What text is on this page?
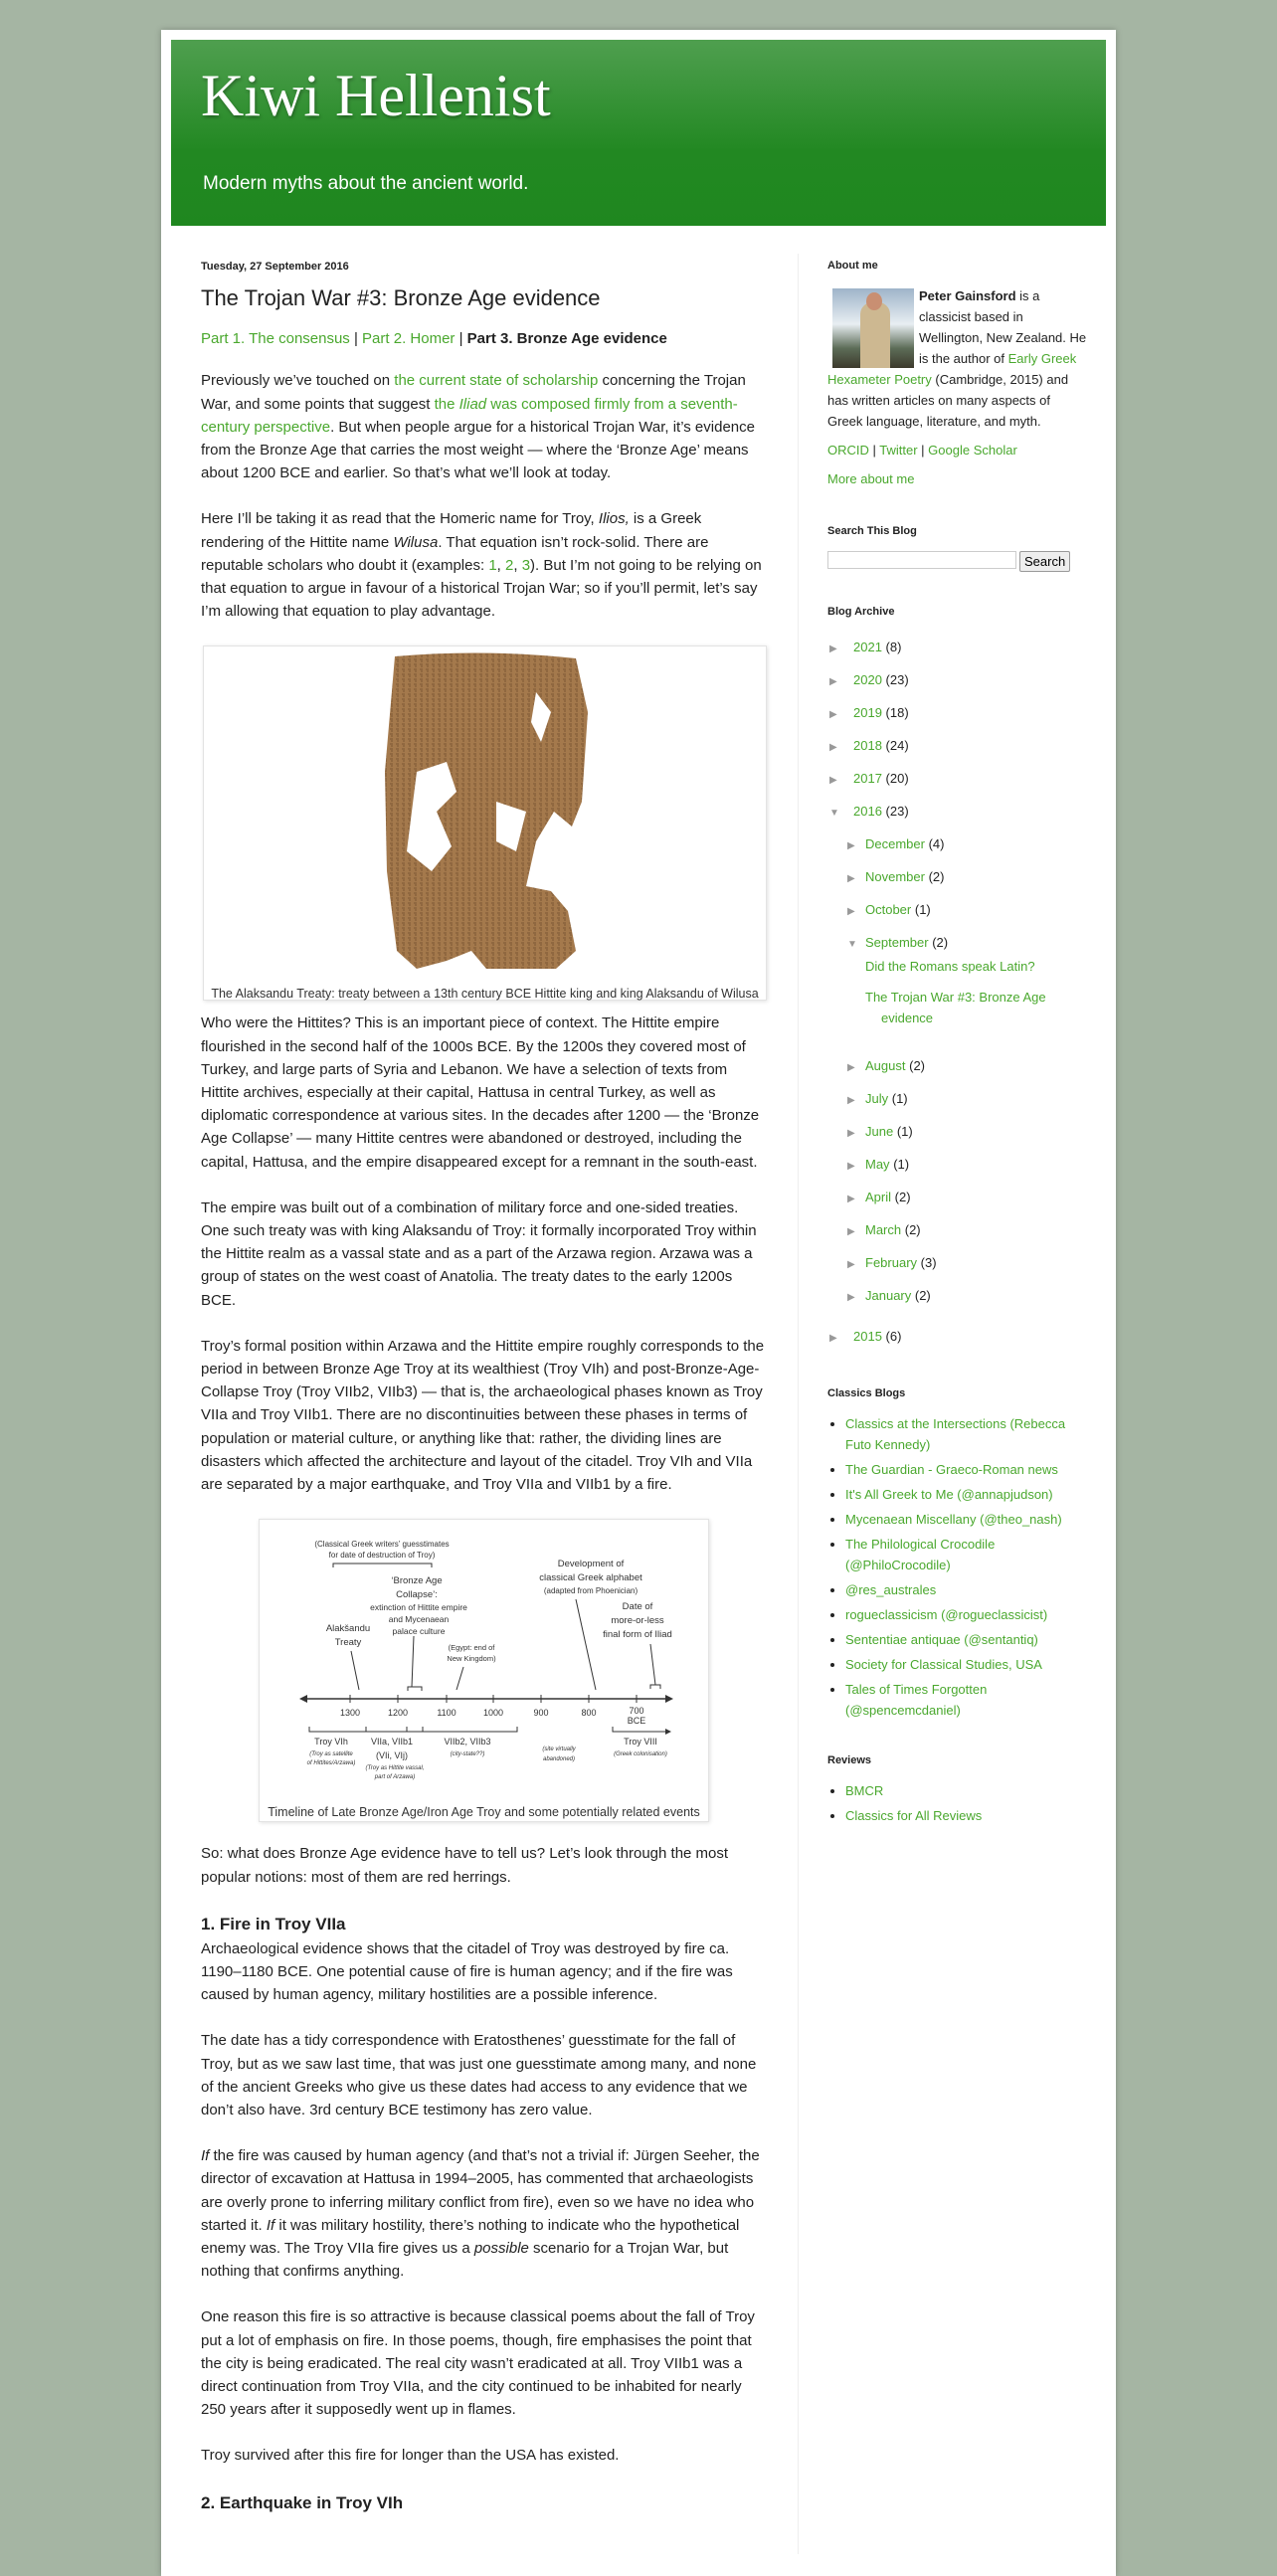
Kiwi Hellenist
Modern myths about the ancient world.
Tuesday, 27 September 2016
The Trojan War #3: Bronze Age evidence
Part 1. The consensus | Part 2. Homer | Part 3. Bronze Age evidence

Previously we’ve touched on the current state of scholarship concerning the Trojan War, and some points that suggest the Iliad was composed firmly from a seventh-century perspective. But when people argue for a historical Trojan War, it’s evidence from the Bronze Age that carries the most weight — where the ‘Bronze Age’ means about 1200 BCE and earlier. So that’s what we’ll look at today.

Here I’ll be taking it as read that the Homeric name for Troy, Ilios, is a Greek rendering of the Hittite name Wilusa. That equation isn’t rock-solid. There are reputable scholars who doubt it (examples: 1, 2, 3). But I’m not going to be relying on that equation to argue in favour of a historical Trojan War; so if you’ll permit, let’s say I’m allowing that equation to play advantage.

The Alaksandu Treaty: treaty between a 13th century BCE Hittite king and king Alaksandu of Wilusa

Who were the Hittites? This is an important piece of context. The Hittite empire flourished in the second half of the 1000s BCE. By the 1200s they covered most of Turkey, and large parts of Syria and Lebanon. We have a selection of texts from Hittite archives, especially at their capital, Hattusa in central Turkey, as well as diplomatic correspondence at various sites. In the decades after 1200 — the ‘Bronze Age Collapse’ — many Hittite centres were abandoned or destroyed, including the capital, Hattusa, and the empire disappeared except for a remnant in the south-east.

The empire was built out of a combination of military force and one-sided treaties. One such treaty was with king Alaksandu of Troy: it formally incorporated Troy within the Hittite realm as a vassal state and as a part of the Arzawa region. Arzawa was a group of states on the west coast of Anatolia. The treaty dates to the early 1200s BCE.

Troy’s formal position within Arzawa and the Hittite empire roughly corresponds to the period in between Bronze Age Troy at its wealthiest (Troy VIh) and post-Bronze-Age-Collapse Troy (Troy VIIb2, VIIb3) — that is, the archaeological phases known as Troy VIIa and Troy VIIb1. There are no discontinuities between these phases in terms of population or material culture, or anything like that: rather, the dividing lines are disasters which affected the architecture and layout of the citadel. Troy VIh and VIIa are separated by a major earthquake, and Troy VIIa and VIIb1 by a fire.

(Classical Greek writers’ guesstimates
for date of destruction of Troy)
‘Bronze Age
Collapse’:
extinction of Hittite empire
and Mycenaean
palace culture
Alakšandu
Treaty	(Egypt: end of
New Kingdom)
Development of
classical Greek alphabet
(adapted from Phoenician)
Date of
more-or-less
final form of Iliad
1300	1200	1100	1000	900	800	700
BCE
Troy VIh
(Troy as satellite
of Hittites/Arzawa)
VIIa, VIIb1
(VIi, VIj)
(Troy as Hittite vassal,
part of Arzawa)
VIIb2, VIIb3
(city-state??)
(site virtually
abandoned)
Troy VIII
(Greek colonisation)
Timeline of Late Bronze Age/Iron Age Troy and some potentially related events

So: what does Bronze Age evidence have to tell us? Let’s look through the most popular notions: most of them are red herrings.

1. Fire in Troy VIIa

Archaeological evidence shows that the citadel of Troy was destroyed by fire ca. 1190–1180 BCE. One potential cause of fire is human agency; and if the fire was caused by human agency, military hostilities are a possible inference.

The date has a tidy correspondence with Eratosthenes’ guesstimate for the fall of Troy, but as we saw last time, that was just one guesstimate among many, and none of the ancient Greeks who give us these dates had access to any evidence that we don’t also have. 3rd century BCE testimony has zero value.

If the fire was caused by human agency (and that’s not a trivial if: Jürgen Seeher, the director of excavation at Hattusa in 1994–2005, has commented that archaeologists are overly prone to inferring military conflict from fire), even so we have no idea who started it. If it was military hostility, there’s nothing to indicate who the hypothetical enemy was. The Troy VIIa fire gives us a possible scenario for a Trojan War, but nothing that confirms anything.

One reason this fire is so attractive is because classical poems about the fall of Troy put a lot of emphasis on fire. In those poems, though, fire emphasises the point that the city is being eradicated. The real city wasn’t eradicated at all. Troy VIIb1 was a direct continuation from Troy VIIa, and the city continued to be inhabited for nearly 250 years after it supposedly went up in flames.

Troy survived after this fire for longer than the USA has existed.

2. Earthquake in Troy VIh
About me
Peter Gainsford is a classicist based in Wellington, New Zealand. He is the author of Early Greek Hexameter Poetry (Cambridge, 2015) and has written articles on many aspects of Greek language, literature, and myth.
ORCID | Twitter | Google Scholar
More about me
Search This Blog
Search
Blog Archive
▶ 2021 (8)
▶ 2020 (23)
▶ 2019 (18)
▶ 2018 (24)
▶ 2017 (20)
▼ 2016 (23)
▶ December (4)
▶ November (2)
▶ October (1)
▼ September (2)
Did the Romans speak Latin?
The Trojan War #3: Bronze Age evidence
▶ August (2)
▶ July (1)
▶ June (1)
▶ May (1)
▶ April (2)
▶ March (2)
▶ February (3)
▶ January (2)
▶ 2015 (6)
Classics Blogs
• Classics at the Intersections (Rebecca Futo Kennedy)
• The Guardian - Graeco-Roman news
• It's All Greek to Me (@annapjudson)
• Mycenaean Miscellany (@theo_nash)
• The Philological Crocodile (@PhiloCrocodile)
• @res_australes
• rogueclassicism (@rogueclassicist)
• Sententiae antiquae (@sentantiq)
• Society for Classical Studies, USA
• Tales of Times Forgotten (@spencemcdaniel)
Reviews
• BMCR
• Classics for All Reviews
